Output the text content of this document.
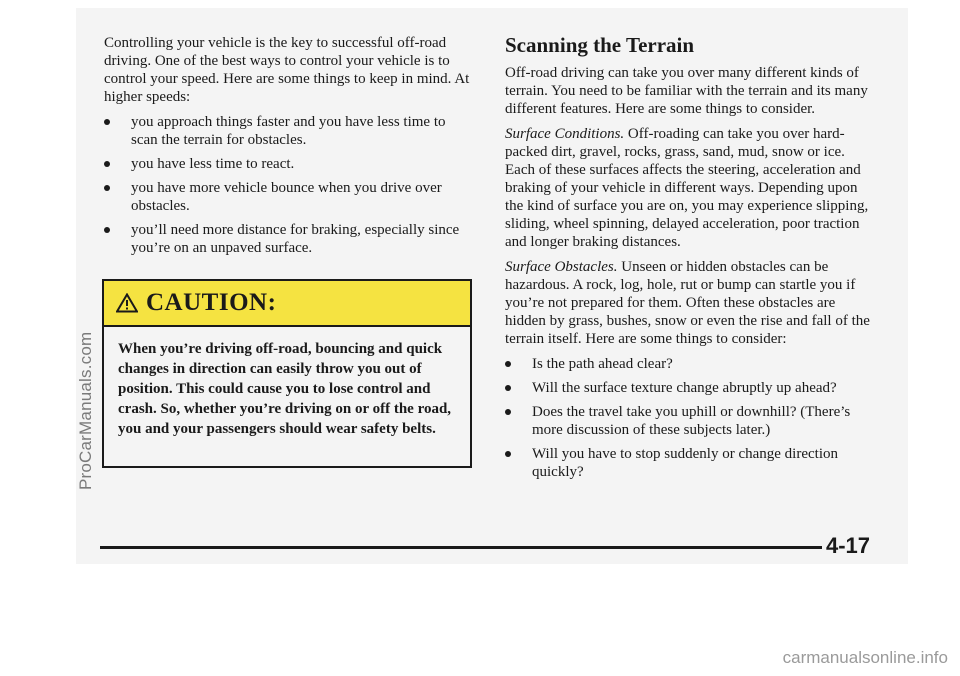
Controlling your vehicle is the key to successful off-road driving. One of the best ways to control your vehicle is to control your speed. Here are some things to keep in mind. At higher speeds:

you approach things faster and you have less time to scan the terrain for obstacles.
you have less time to react.
you have more vehicle bounce when you drive over obstacles.
you’ll need more distance for braking, especially since you’re on an unpaved surface.
CAUTION:
When you’re driving off-road, bouncing and quick changes in direction can easily throw you out of position. This could cause you to lose control and crash. So, whether you’re driving on or off the road, you and your passengers should wear safety belts.
Scanning the Terrain

Off-road driving can take you over many different kinds of terrain. You need to be familiar with the terrain and its many different features. Here are some things to consider.

Surface Conditions. Off-roading can take you over hard-packed dirt, gravel, rocks, grass, sand, mud, snow or ice. Each of these surfaces affects the steering, acceleration and braking of your vehicle in different ways. Depending upon the kind of surface you are on, you may experience slipping, sliding, wheel spinning, delayed acceleration, poor traction and longer braking distances.

Surface Obstacles. Unseen or hidden obstacles can be hazardous. A rock, log, hole, rut or bump can startle you if you’re not prepared for them. Often these obstacles are hidden by grass, bushes, snow or even the rise and fall of the terrain itself. Here are some things to consider:

Is the path ahead clear?
Will the surface texture change abruptly up ahead?
Does the travel take you uphill or downhill? (There’s more discussion of these subjects later.)
Will you have to stop suddenly or change direction quickly?
4-17
ProCarManuals.com
carmanualsonline.info
